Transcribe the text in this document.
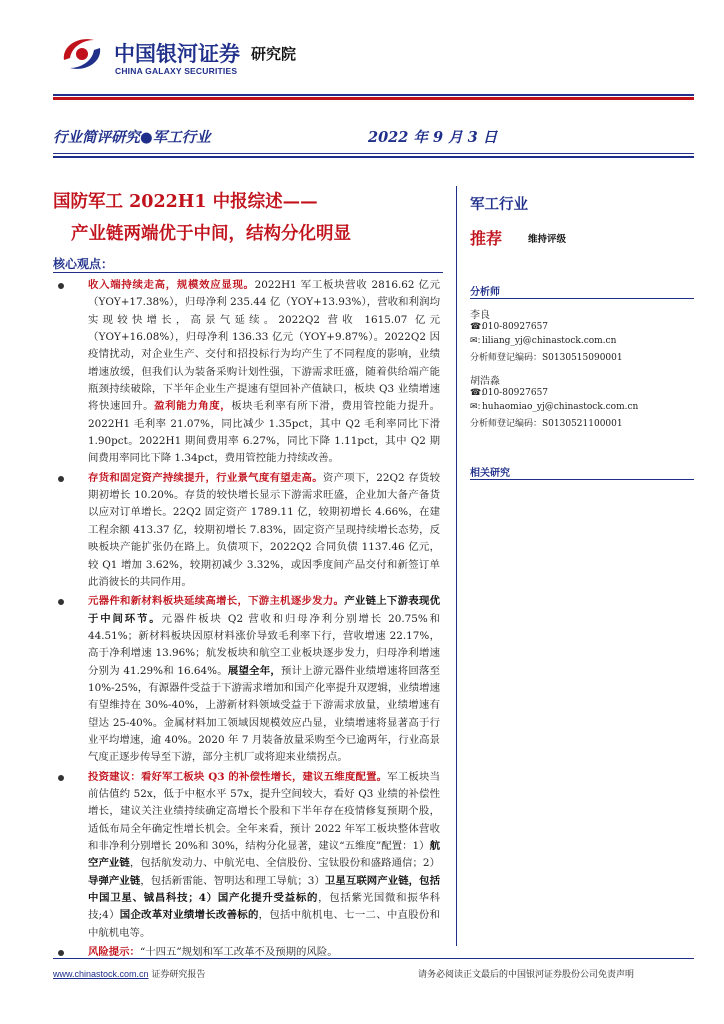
中国银河证券
CHINA GALAXY SECURITIES
研究院
行业简评研究●军工行业	2022 年 9 月 3 日
国防军工 2022H1 中报综述——
产业链两端优于中间，结构分化明显
核心观点：
收入端持续走高，规模效应显现。2022H1 军工板块营收 2816.62 亿元（YOY+17.38%），归母净利 235.44 亿（YOY+13.93%），营收和利润均实现较快增长，高景气延续。2022Q2 营收 1615.07 亿元（YOY+16.08%），归母净利 136.33 亿元（YOY+9.87%）。2022Q2 因疫情扰动，对企业生产、交付和招投标行为均产生了不同程度的影响，业绩增速放缓，但我们认为装备采购计划性强，下游需求旺盛，随着供给端产能瓶颈持续破除，下半年企业生产提速有望回补产值缺口，板块 Q3 业绩增速将快速回升。盈利能力角度，板块毛利率有所下滑，费用管控能力提升。2022H1 毛利率 21.07%，同比减少 1.35pct，其中 Q2 毛利率同比下滑 1.90pct。2022H1 期间费用率 6.27%，同比下降 1.11pct，其中 Q2 期间费用率同比下降 1.34pct，费用管控能力持续改善。
存货和固定资产持续提升，行业景气度有望走高。资产项下，22Q2 存货较期初增长 10.20%。存货的较快增长显示下游需求旺盛，企业加大备产备货以应对订单增长。22Q2 固定资产 1789.11 亿，较期初增长 4.66%，在建工程余额 413.37 亿，较期初增长 7.83%，固定资产呈现持续增长态势，反映板块产能扩张仍在路上。负债项下，2022Q2 合同负债 1137.46 亿元，较 Q1 增加 3.62%，较期初减少 3.32%，或因季度间产品交付和新签订单此消彼长的共同作用。
元器件和新材料板块延续高增长，下游主机逐步发力。产业链上下游表现优于中间环节。元器件板块 Q2 营收和归母净利分别增长 20.75%和 44.51%；新材料板块因原材料涨价导致毛利率下行，营收增速 22.17%，高于净利增速 13.96%；航发板块和航空工业板块逐步发力，归母净利增速分别为 41.29%和 16.64%。展望全年，预计上游元器件业绩增速将回落至 10%-25%，有源器件受益于下游需求增加和国产化率提升双逻辑，业绩增速有望维持在 30%-40%，上游新材料领域受益于下游需求放量，业绩增速有望达 25-40%。金属材料加工领域因规模效应凸显，业绩增速将显著高于行业平均增速，逾 40%。2020 年 7 月装备放量采购至今已逾两年，行业高景气度正逐步传导至下游，部分主机厂或将迎来业绩拐点。
投资建议：看好军工板块 Q3 的补偿性增长，建议五维度配置。军工板块当前估值约 52x，低于中枢水平 57x，提升空间较大，看好 Q3 业绩的补偿性增长，建议关注业绩持续确定高增长个股和下半年存在疫情修复预期个股，适低布局全年确定性增长机会。全年来看，预计 2022 年军工板块整体营收和非净利分别增长 20%和 30%，结构分化显著，建议“五维度”配置：1）航空产业链，包括航发动力、中航光电、全信股份、宝钛股份和盛路通信；2）导弹产业链，包括新雷能、智明达和理工导航；3）卫星互联网产业链，包括中国卫星、铖昌科技；4）国产化提升受益标的，包括紫光国微和振华科技;4）国企改革对业绩增长改善标的，包括中航机电、七一二、中直股份和中航机电等。
风险提示：“十四五”规划和军工改革不及预期的风险。
军工行业
推荐	维持评级
分析师
李良
☎:010-80927657
✉:liliang_yj@chinastock.com.cn
分析师登记编码：S0130515090001
胡浩淼
☎:010-80927657
✉:huhaomiao_yj@chinastock.com.cn
分析师登记编码：S0130521100001
相关研究
www.chinastock.com.cn 证券研究报告	请务必阅读正文最后的中国银河证券股份公司免责声明
